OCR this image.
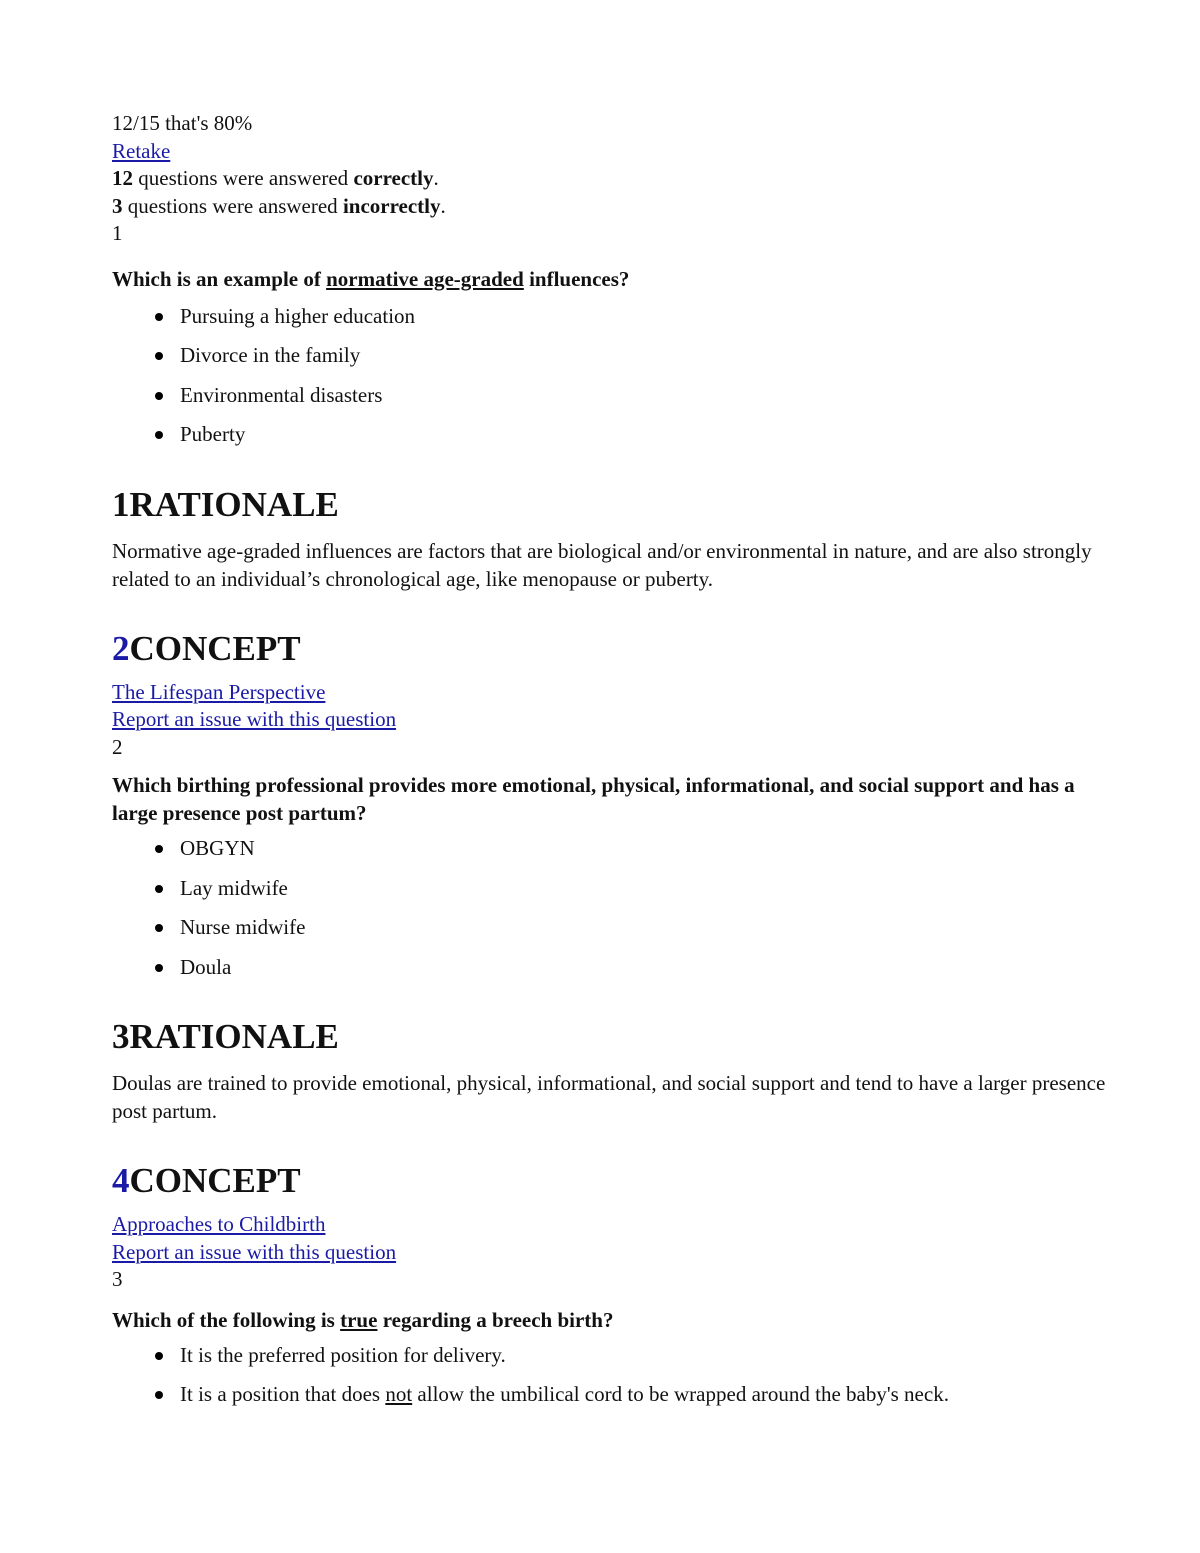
12/15 that's 80%
Retake
12 questions were answered correctly.
3 questions were answered incorrectly.
1

Which is an example of normative age-graded influences?

Pursuing a higher education
Divorce in the family
Environmental disasters
Puberty
1RATIONALE

Normative age-graded influences are factors that are biological and/or environmental in nature, and are also strongly related to an individual’s chronological age, like menopause or puberty.

2CONCEPT
The Lifespan Perspective
Report an issue with this question
2

Which birthing professional provides more emotional, physical, informational, and social support and has a large presence post partum?

OBGYN
Lay midwife
Nurse midwife
Doula
3RATIONALE

Doulas are trained to provide emotional, physical, informational, and social support and tend to have a larger presence post partum.

4CONCEPT
Approaches to Childbirth
Report an issue with this question
3

Which of the following is true regarding a breech birth?

It is the preferred position for delivery.
It is a position that does not allow the umbilical cord to be wrapped around the baby's neck.
